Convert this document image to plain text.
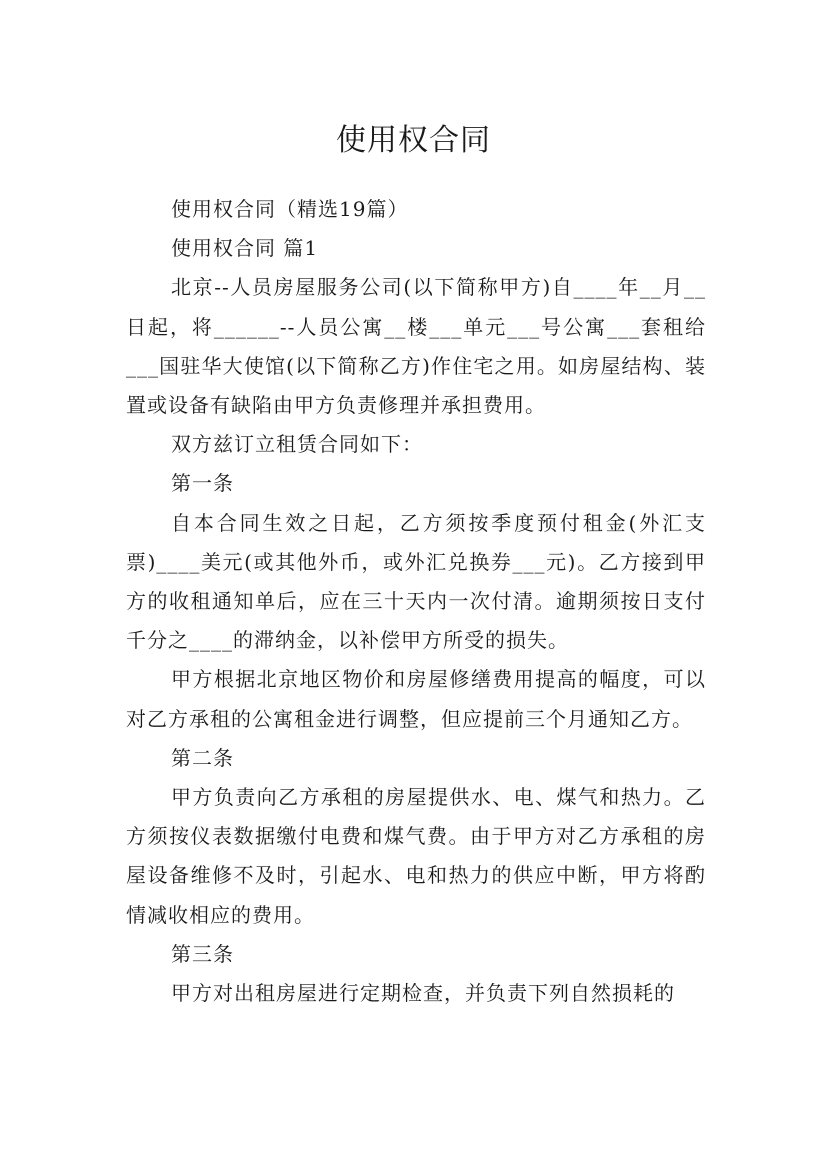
使用权合同

使用权合同（精选19篇）

使用权合同 篇1

北京--人员房屋服务公司(以下简称甲方)自____年__月__日起，将______--人员公寓__楼___单元___号公寓___套租给___国驻华大使馆(以下简称乙方)作住宅之用。如房屋结构、装置或设备有缺陷由甲方负责修理并承担费用。

双方兹订立租赁合同如下：

第一条

自本合同生效之日起，乙方须按季度预付租金(外汇支票)____美元(或其他外币，或外汇兑换券___元)。乙方接到甲方的收租通知单后，应在三十天内一次付清。逾期须按日支付千分之____的滞纳金，以补偿甲方所受的损失。

甲方根据北京地区物价和房屋修缮费用提高的幅度，可以对乙方承租的公寓租金进行调整，但应提前三个月通知乙方。

第二条

甲方负责向乙方承租的房屋提供水、电、煤气和热力。乙方须按仪表数据缴付电费和煤气费。由于甲方对乙方承租的房屋设备维修不及时，引起水、电和热力的供应中断，甲方将酌情减收相应的费用。

第三条

甲方对出租房屋进行定期检查，并负责下列自然损耗的
